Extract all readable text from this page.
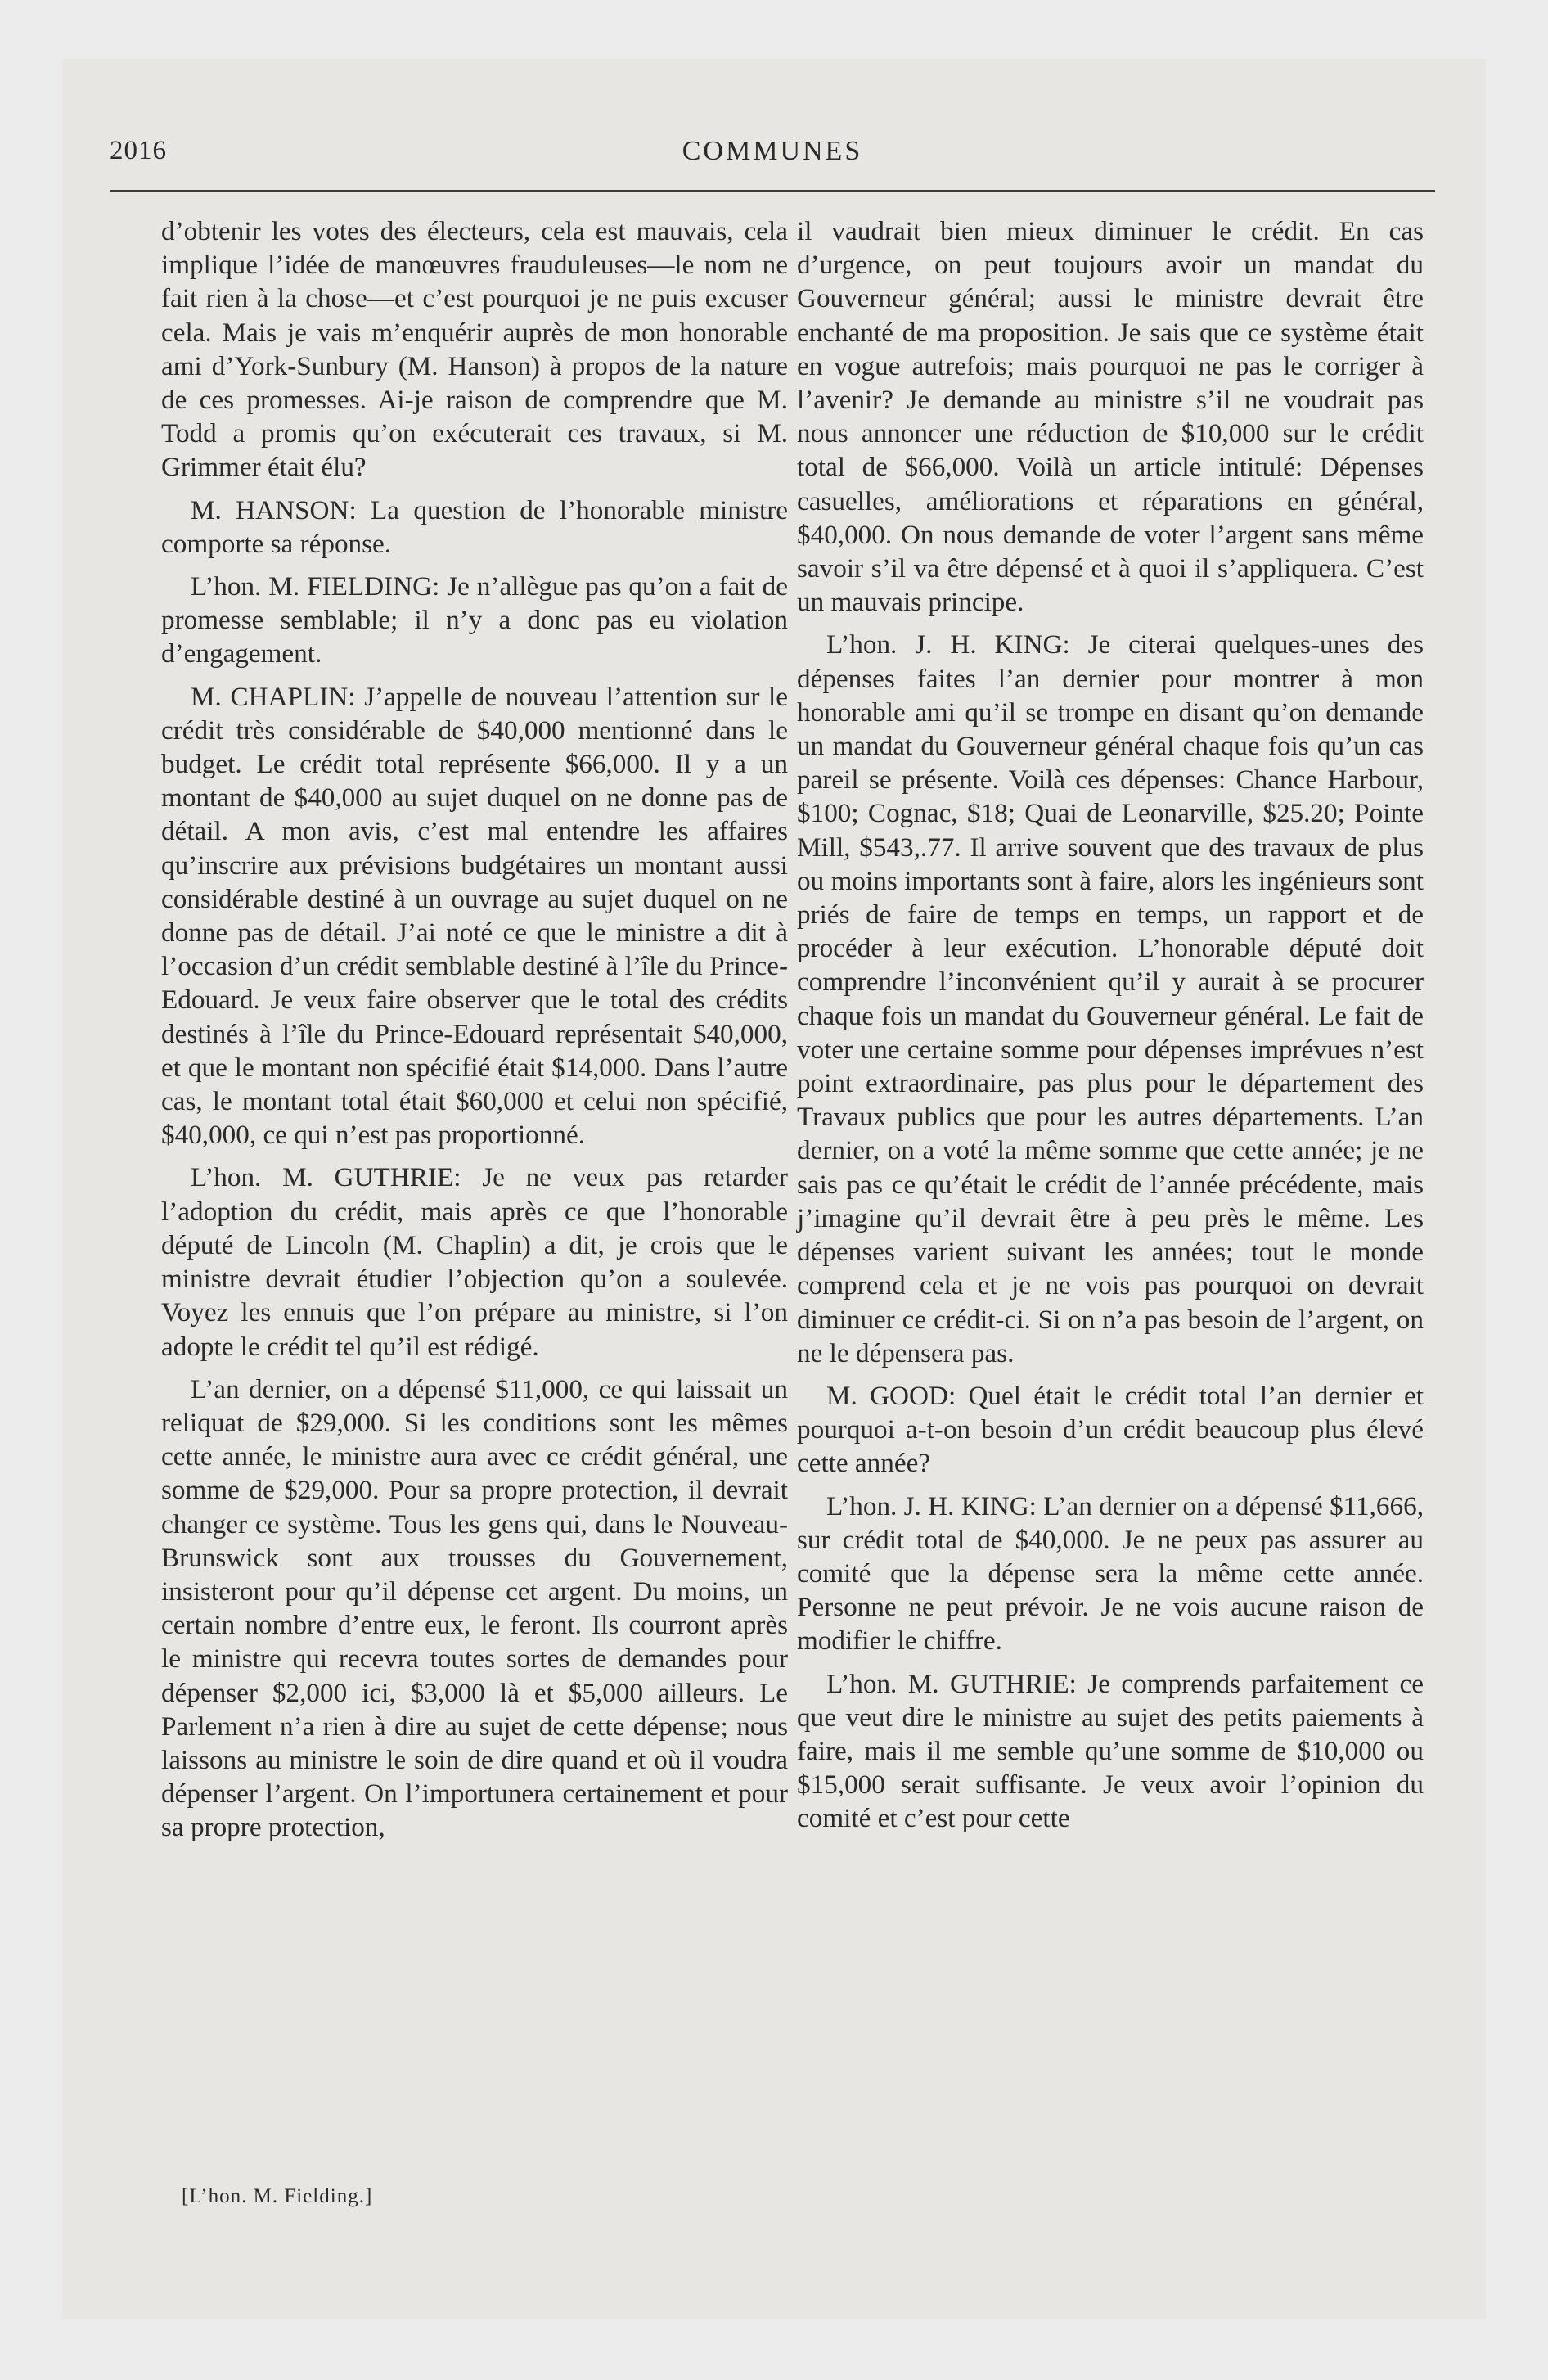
2016	COMMUNES

d’obtenir les votes des électeurs, cela est mauvais, cela implique l’idée de manœuvres frauduleuses—le nom ne fait rien à la chose—et c’est pourquoi je ne puis excuser cela. Mais je vais m’enquérir auprès de mon honorable ami d’York-Sunbury (M. Hanson) à propos de la nature de ces promesses. Ai-je raison de comprendre que M. Todd a promis qu’on exécuterait ces travaux, si M. Grimmer était élu?

M. HANSON: La question de l’honorable ministre comporte sa réponse.

L’hon. M. FIELDING: Je n’allègue pas qu’on a fait de promesse semblable; il n’y a donc pas eu violation d’engagement.

M. CHAPLIN: J’appelle de nouveau l’attention sur le crédit très considérable de $40,000 mentionné dans le budget. Le crédit total représente $66,000. Il y a un montant de $40,000 au sujet duquel on ne donne pas de détail. A mon avis, c’est mal entendre les affaires qu’inscrire aux prévisions budgétaires un montant aussi considérable destiné à un ouvrage au sujet duquel on ne donne pas de détail. J’ai noté ce que le ministre a dit à l’occasion d’un crédit semblable destiné à l’île du Prince-Edouard. Je veux faire observer que le total des crédits destinés à l’île du Prince-Edouard représentait $40,000, et que le montant non spécifié était $14,000. Dans l’autre cas, le montant total était $60,000 et celui non spécifié, $40,000, ce qui n’est pas proportionné.

L’hon. M. GUTHRIE: Je ne veux pas retarder l’adoption du crédit, mais après ce que l’honorable député de Lincoln (M. Chaplin) a dit, je crois que le ministre devrait étudier l’objection qu’on a soulevée. Voyez les ennuis que l’on prépare au ministre, si l’on adopte le crédit tel qu’il est rédigé.

L’an dernier, on a dépensé $11,000, ce qui laissait un reliquat de $29,000. Si les conditions sont les mêmes cette année, le ministre aura avec ce crédit général, une somme de $29,000. Pour sa propre protection, il devrait changer ce système. Tous les gens qui, dans le Nouveau-Brunswick sont aux trousses du Gouvernement, insisteront pour qu’il dépense cet argent. Du moins, un certain nombre d’entre eux, le feront. Ils courront après le ministre qui recevra toutes sortes de demandes pour dépenser $2,000 ici, $3,000 là et $5,000 ailleurs. Le Parlement n’a rien à dire au sujet de cette dépense; nous laissons au ministre le soin de dire quand et où il voudra dépenser l’argent. On l’importunera certainement et pour sa propre protection,

il vaudrait bien mieux diminuer le crédit. En cas d’urgence, on peut toujours avoir un mandat du Gouverneur général; aussi le ministre devrait être enchanté de ma proposition. Je sais que ce système était en vogue autrefois; mais pourquoi ne pas le corriger à l’avenir? Je demande au ministre s’il ne voudrait pas nous annoncer une réduction de $10,000 sur le crédit total de $66,000. Voilà un article intitulé: Dépenses casuelles, améliorations et réparations en général, $40,000. On nous demande de voter l’argent sans même savoir s’il va être dépensé et à quoi il s’appliquera. C’est un mauvais principe.

L’hon. J. H. KING: Je citerai quelques-unes des dépenses faites l’an dernier pour montrer à mon honorable ami qu’il se trompe en disant qu’on demande un mandat du Gouverneur général chaque fois qu’un cas pareil se présente. Voilà ces dépenses: Chance Harbour, $100; Cognac, $18; Quai de Leonarville, $25.20; Pointe Mill, $543,.77. Il arrive souvent que des travaux de plus ou moins importants sont à faire, alors les ingénieurs sont priés de faire de temps en temps, un rapport et de procéder à leur exécution. L’honorable député doit comprendre l’inconvénient qu’il y aurait à se procurer chaque fois un mandat du Gouverneur général. Le fait de voter une certaine somme pour dépenses imprévues n’est point extraordinaire, pas plus pour le département des Travaux publics que pour les autres départements. L’an dernier, on a voté la même somme que cette année; je ne sais pas ce qu’était le crédit de l’année précédente, mais j’imagine qu’il devrait être à peu près le même. Les dépenses varient suivant les années; tout le monde comprend cela et je ne vois pas pourquoi on devrait diminuer ce crédit-ci. Si on n’a pas besoin de l’argent, on ne le dépensera pas.

M. GOOD: Quel était le crédit total l’an dernier et pourquoi a-t-on besoin d’un crédit beaucoup plus élevé cette année?

L’hon. J. H. KING: L’an dernier on a dépensé $11,666, sur crédit total de $40,000. Je ne peux pas assurer au comité que la dépense sera la même cette année. Personne ne peut prévoir. Je ne vois aucune raison de modifier le chiffre.

L’hon. M. GUTHRIE: Je comprends parfaitement ce que veut dire le ministre au sujet des petits paiements à faire, mais il me semble qu’une somme de $10,000 ou $15,000 serait suffisante. Je veux avoir l’opinion du comité et c’est pour cette

[L’hon. M. Fielding.]
